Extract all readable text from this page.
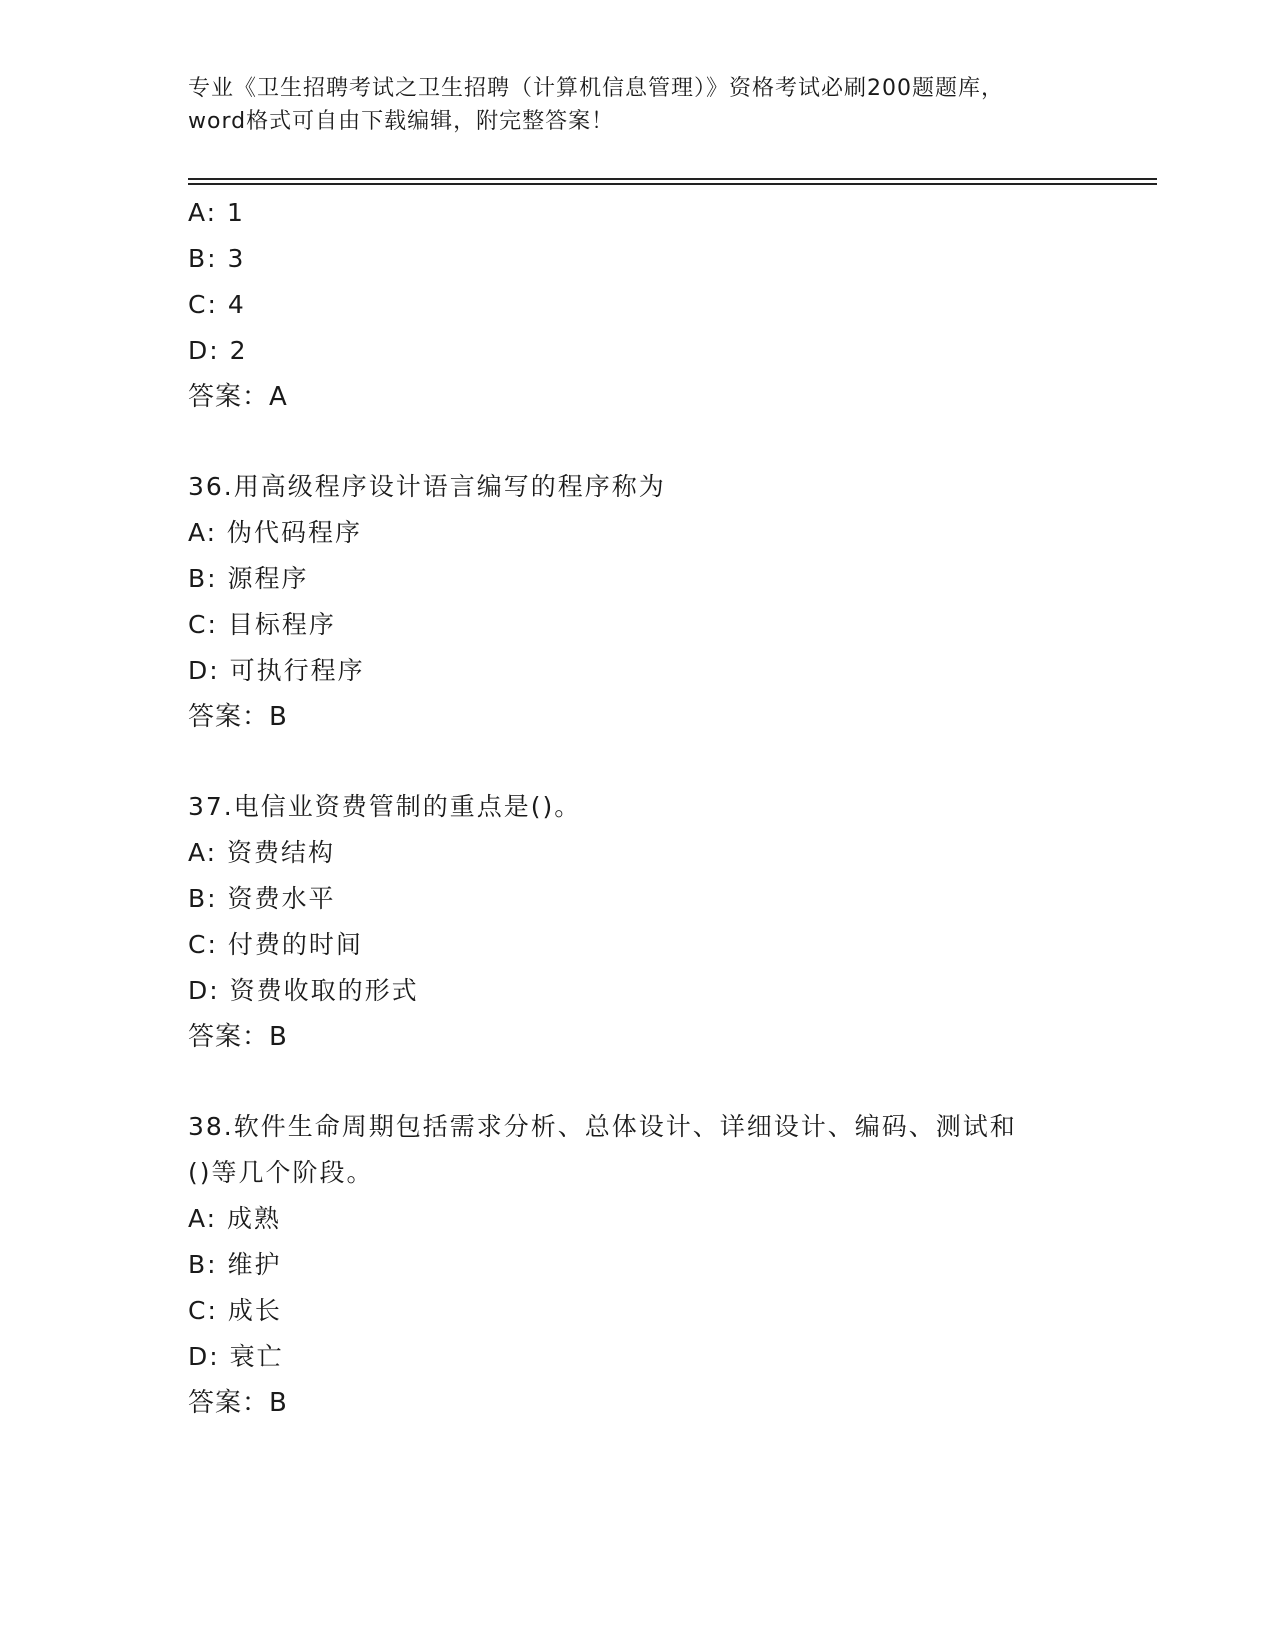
专业《卫生招聘考试之卫生招聘（计算机信息管理）》资格考试必刷200题题库，
word格式可自由下载编辑，附完整答案！
A: 1
B: 3
C: 4
D: 2
答案：A
36.用高级程序设计语言编写的程序称为
A: 伪代码程序
B: 源程序
C: 目标程序
D: 可执行程序
答案：B
37.电信业资费管制的重点是()。
A: 资费结构
B: 资费水平
C: 付费的时间
D: 资费收取的形式
答案：B
38.软件生命周期包括需求分析、总体设计、详细设计、编码、测试和
()等几个阶段。
A: 成熟
B: 维护
C: 成长
D: 衰亡
答案：B
